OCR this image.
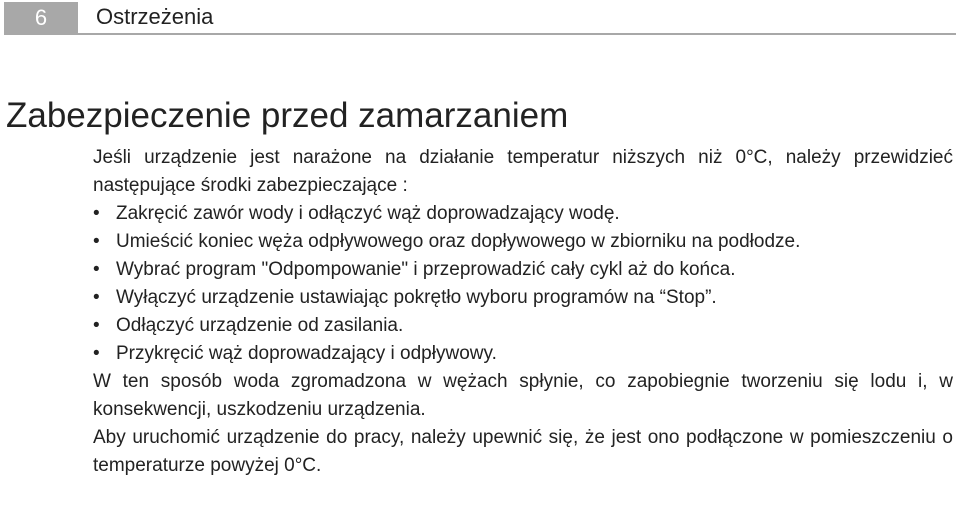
6	Ostrzeżenia
Zabezpieczenie przed zamarzaniem

Jeśli urządzenie jest narażone na działanie temperatur niższych niż 0°C, należy przewidzieć następujące środki zabezpieczające :

• Zakręcić zawór wody i odłączyć wąż doprowadzający wodę.
• Umieścić koniec węża odpływowego oraz dopływowego w zbiorniku na podłodze.
• Wybrać program "Odpompowanie" i przeprowadzić cały cykl aż do końca.
• Wyłączyć urządzenie ustawiając pokrętło wyboru programów na “Stop”.
• Odłączyć urządzenie od zasilania.
• Przykręcić wąż doprowadzający i odpływowy.

W ten sposób woda zgromadzona w wężach spłynie, co zapobiegnie tworzeniu się lodu i, w konsekwencji, uszkodzeniu urządzenia.

Aby uruchomić urządzenie do pracy, należy upewnić się, że jest ono podłączone w pomieszczeniu o temperaturze powyżej 0°C.
